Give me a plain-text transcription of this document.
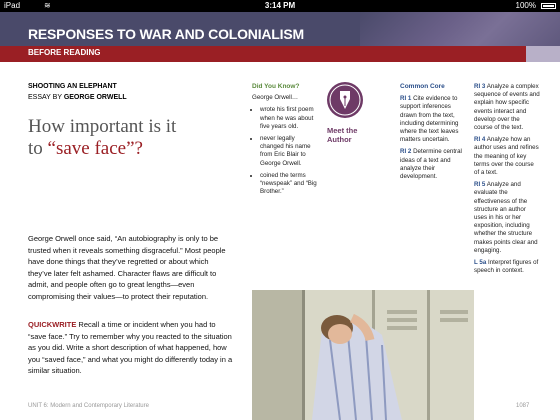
iPad	≋	3:14 PM	100%
RESPONSES TO WAR AND COLONIALISM
BEFORE READING
SHOOTING AN ELEPHANT
ESSAY BY GEORGE ORWELL
How important is it
to “save face”?
George Orwell once said, “An autobiography is only to be trusted when it reveals something disgraceful.” Most people have done things that they’ve regretted or about which they’ve later felt ashamed. Character flaws are difficult to admit, and people often go to great lengths—even compromising their values—to protect their reputation.
QUICKWRITE Recall a time or incident when you had to “save face.” Try to remember why you reacted to the situation as you did. Write a short description of what happened, how you “saved face,” and what you might do differently today in a similar situation.
Did You Know?
George Orwell…
• wrote his first poem when he was about five years old.
• never legally changed his name from Eric Blair to George Orwell.
• coined the terms “newspeak” and “Big Brother.”
Meet the Author
Common Core

RI 1 Cite evidence to support inferences drawn from the text, including determining where the text leaves matters uncertain.

RI 2 Determine central ideas of a text and analyze their development.

RI 3 Analyze a complex sequence of events and explain how specific events interact and develop over the course of the text.

RI 4 Analyze how an author uses and refines the meaning of key terms over the course of a text.

RI 5 Analyze and evaluate the effectiveness of the structure an author uses in his or her exposition, including whether the structure makes points clear and engaging.

L 5a Interpret figures of speech in context.

UNIT 6: Modern and Contemporary Literature	1087
